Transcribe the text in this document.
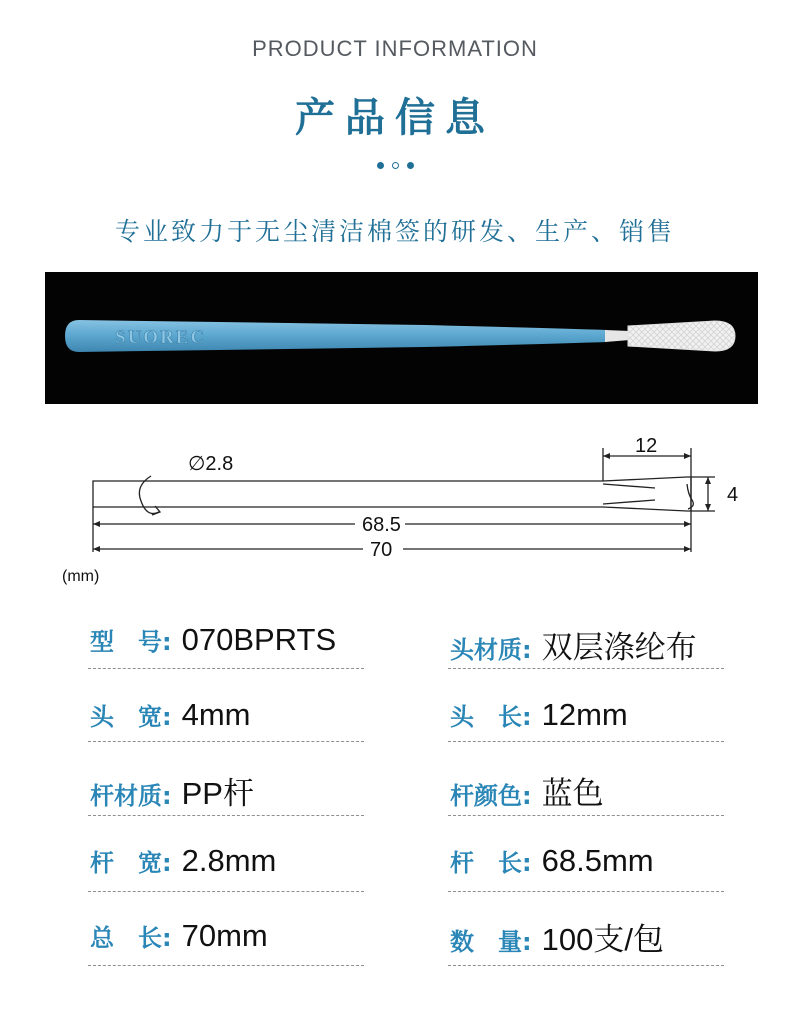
PRODUCT INFORMATION
产品信息
专业致力于无尘清洁棉签的研发、生产、销售
SUOREC
∅2.8
12
4
68.5
70
(mm)
型　号: 070BPRTS	头材质: 双层涤纶布
头　宽: 4mm	头　长: 12mm
杆材质: PP杆	杆颜色: 蓝色
杆　宽: 2.8mm	杆　长: 68.5mm
总　长: 70mm	数　量: 100支/包
